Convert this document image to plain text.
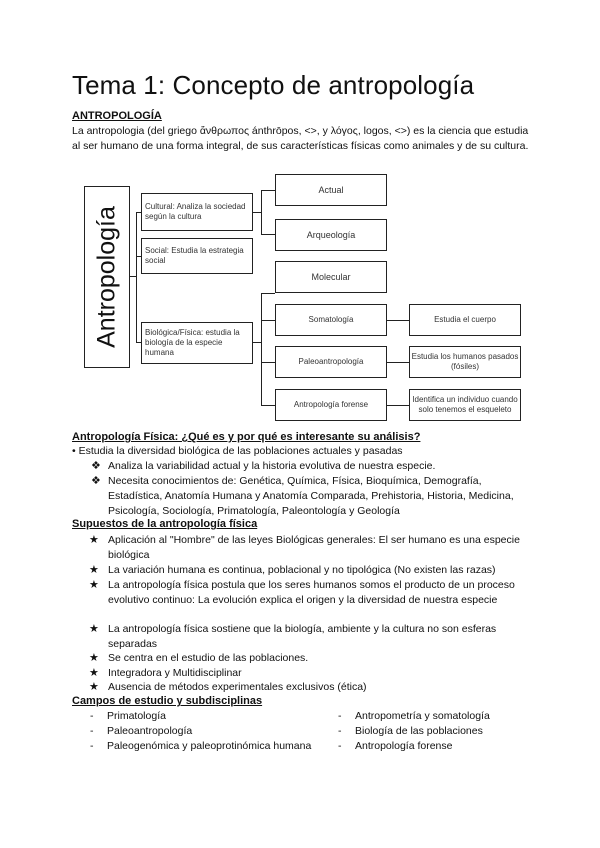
Tema 1: Concepto de antropología

ANTROPOLOGÍA

La antropologia (del griego ἄνθρωπος ánthrōpos, <>, y λόγος, logos, <>) es la ciencia que estudia al ser humano de una forma integral, de sus características físicas como animales y de su cultura.

Antropología	Cultural: Analiza la sociedad según la cultura
Social: Estudia la estrategia social
Biológica/Física: estudia la biología de la especie humana
Actual
Arqueología
Molecular
Somatología
Paleoantropología
Antropología forense
Estudia el cuerpo
Estudia los humanos pasados (fósiles)
Identifica un individuo cuando solo tenemos el esqueleto

Antropología Física: ¿Qué es y por qué es interesante su análisis?

• Estudia la diversidad biológica de las poblaciones actuales y pasadas

❖ Analiza la variabilidad actual y la historia evolutiva de nuestra especie.

❖ Necesita conocimientos de: Genética, Química, Física, Bioquímica, Demografía, Estadística, Anatomía Humana y Anatomía Comparada, Prehistoria, Historia, Medicina, Psicología, Sociología, Primatología, Paleontología y Geología

Supuestos de la antropología física

★ Aplicación al "Hombre" de las leyes Biológicas generales: El ser humano es una especie biológica

★ La variación humana es continua, poblacional y no tipológica (No existen las razas)

★ La antropología física postula que los seres humanos somos el producto de un proceso evolutivo continuo: La evolución explica el origen y la diversidad de nuestra especie

★ La antropología física sostiene que la biología, ambiente y la cultura no son esferas separadas

★ Se centra en el estudio de las poblaciones.

★ Integradora y Multidisciplinar

★ Ausencia de métodos experimentales exclusivos (ética)

Campos de estudio y subdisciplinas

- Primatología
- Paleoantropología
- Paleogenómica y paleoprotinómica humana
- Antropometría y somatología
- Biología de las poblaciones
- Antropología forense
